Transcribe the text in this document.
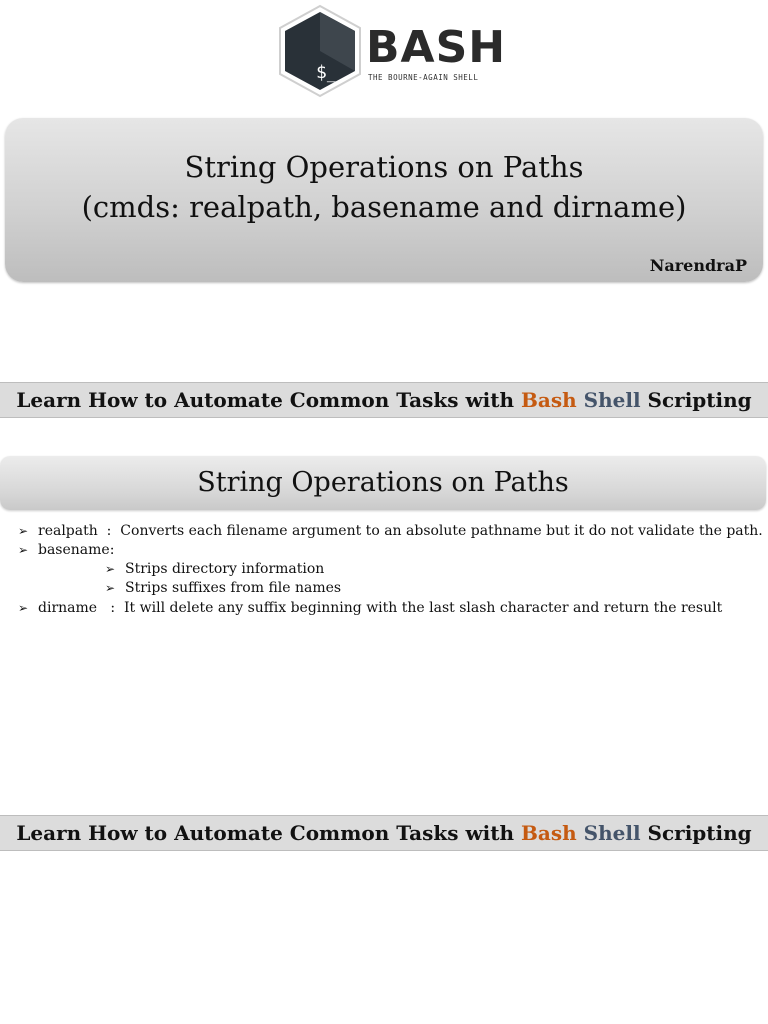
$_ BASH
THE BOURNE-AGAIN SHELL
String Operations on Paths
(cmds: realpath, basename and dirname)
NarendraP
Learn How to Automate Common Tasks with Bash Shell Scripting
String Operations on Paths
➢ realpath  :  Converts each filename argument to an absolute pathname but it do not validate the path.
➢ basename:
➢ Strips directory information
➢ Strips suffixes from file names
➢ dirname   :  It will delete any suffix beginning with the last slash character and return the result
Learn How to Automate Common Tasks with Bash Shell Scripting
